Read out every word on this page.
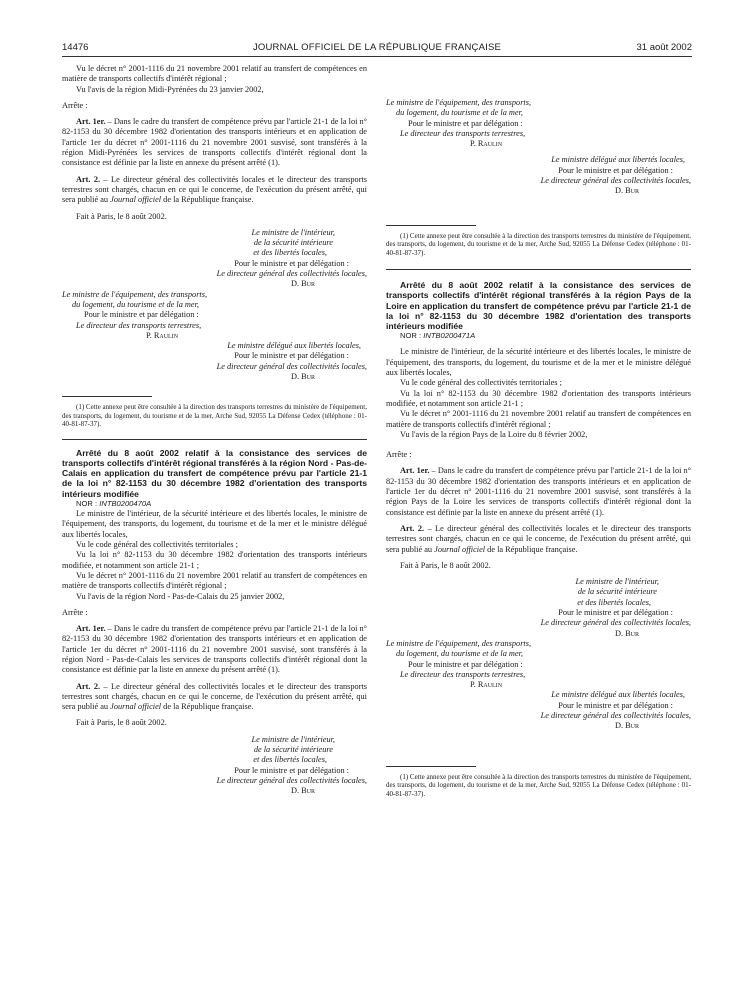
14476	JOURNAL OFFICIEL DE LA RÉPUBLIQUE FRANÇAISE	31 août 2002

Vu le décret n° 2001-1116 du 21 novembre 2001 relatif au transfert de compétences en matière de transports collectifs d'intérêt régional ;

Vu l'avis de la région Midi-Pyrénées du 23 janvier 2002,

Arrête :

Art. 1er. – Dans le cadre du transfert de compétence prévu par l'article 21-1 de la loi n° 82-1153 du 30 décembre 1982 d'orientation des transports intérieurs et en application de l'article 1er du décret n° 2001-1116 du 21 novembre 2001 susvisé, sont transférés à la région Midi-Pyrénées les services de transports collectifs d'intérêt régional dont la consistance est définie par la liste en annexe du présent arrêté (1).

Art. 2. – Le directeur général des collectivités locales et le directeur des transports terrestres sont chargés, chacun en ce qui le concerne, de l'exécution du présent arrêté, qui sera publié au Journal officiel de la République française.

Fait à Paris, le 8 août 2002.

Le ministre de l'intérieur,
de la sécurité intérieure
et des libertés locales,
Pour le ministre et par délégation :
Le directeur général des collectivités locales,
D. Bur
Le ministre de l'équipement, des transports,
du logement, du tourisme et de la mer,
Pour le ministre et par délégation :
Le directeur des transports terrestres,
P. Raulin
Le ministre délégué aux libertés locales,
Pour le ministre et par délégation :
Le directeur général des collectivités locales,
D. Bur

(1) Cette annexe peut être consultée à la direction des transports terrestres du ministère de l'équipement, des transports, du logement, du tourisme et de la mer, Arche Sud, 92055 La Défense Cedex (téléphone : 01-40-81-87-37).

Arrêté du 8 août 2002 relatif à la consistance des services de transports collectifs d'intérêt régional transférés à la région Nord - Pas-de-Calais en application du transfert de compétence prévu par l'article 21-1 de la loi n° 82-1153 du 30 décembre 1982 d'orientation des transports intérieurs modifiée

NOR : INTB0200470A

Le ministre de l'intérieur, de la sécurité intérieure et des libertés locales, le ministre de l'équipement, des transports, du logement, du tourisme et de la mer et le ministre délégué aux libertés locales,

Vu le code général des collectivités territoriales ;

Vu la loi n° 82-1153 du 30 décembre 1982 d'orientation des transports intérieurs modifiée, et notamment son article 21-1 ;

Vu le décret n° 2001-1116 du 21 novembre 2001 relatif au transfert de compétences en matière de transports collectifs d'intérêt régional ;

Vu l'avis de la région Nord - Pas-de-Calais du 25 janvier 2002,

Arrête :

Art. 1er. – Dans le cadre du transfert de compétence prévu par l'article 21-1 de la loi n° 82-1153 du 30 décembre 1982 d'orientation des transports intérieurs et en application de l'article 1er du décret n° 2001-1116 du 21 novembre 2001 susvisé, sont transférés à la région Nord - Pas-de-Calais les services de transports collectifs d'intérêt régional dont la consistance est définie par la liste en annexe du présent arrêté (1).

Art. 2. – Le directeur général des collectivités locales et le directeur des transports terrestres sont chargés, chacun en ce qui le concerne, de l'exécution du présent arrêté, qui sera publié au Journal officiel de la République française.

Fait à Paris, le 8 août 2002.

Le ministre de l'intérieur,
de la sécurité intérieure
et des libertés locales,
Pour le ministre et par délégation :
Le directeur général des collectivités locales,
D. Bur
Le ministre de l'équipement, des transports,
du logement, du tourisme et de la mer,
Pour le ministre et par délégation :
Le directeur des transports terrestres,
P. Raulin
Le ministre délégué aux libertés locales,
Pour le ministre et par délégation :
Le directeur général des collectivités locales,
D. Bur

(1) Cette annexe peut être consultée à la direction des transports terrestres du ministère de l'équipement, des transports, du logement, du tourisme et de la mer, Arche Sud, 92055 La Défense Cedex (téléphone : 01-40-81-87-37).

Arrêté du 8 août 2002 relatif à la consistance des services de transports collectifs d'intérêt régional transférés à la région Pays de la Loire en application du transfert de compétence prévu par l'article 21-1 de la loi n° 82-1153 du 30 décembre 1982 d'orientation des transports intérieurs modifiée

NOR : INTB0200471A

Le ministre de l'intérieur, de la sécurité intérieure et des libertés locales, le ministre de l'équipement, des transports, du logement, du tourisme et de la mer et le ministre délégué aux libertés locales,

Vu le code général des collectivités territoriales ;

Vu la loi n° 82-1153 du 30 décembre 1982 d'orientation des transports intérieurs modifiée, et notamment son article 21-1 ;

Vu le décret n° 2001-1116 du 21 novembre 2001 relatif au transfert de compétences en matière de transports collectifs d'intérêt régional ;

Vu l'avis de la région Pays de la Loire du 8 février 2002,

Arrête :

Art. 1er. – Dans le cadre du transfert de compétence prévu par l'article 21-1 de la loi n° 82-1153 du 30 décembre 1982 d'orientation des transports intérieurs et en application de l'article 1er du décret n° 2001-1116 du 21 novembre 2001 susvisé, sont transférés à la région Pays de la Loire les services de transports collectifs d'intérêt régional dont la consistance est définie par la liste en annexe du présent arrêté (1).

Art. 2. – Le directeur général des collectivités locales et le directeur des transports terrestres sont chargés, chacun en ce qui le concerne, de l'exécution du présent arrêté, qui sera publié au Journal officiel de la République française.

Fait à Paris, le 8 août 2002.

Le ministre de l'intérieur,
de la sécurité intérieure
et des libertés locales,
Pour le ministre et par délégation :
Le directeur général des collectivités locales,
D. Bur
Le ministre de l'équipement, des transports,
du logement, du tourisme et de la mer,
Pour le ministre et par délégation :
Le directeur des transports terrestres,
P. Raulin
Le ministre délégué aux libertés locales,
Pour le ministre et par délégation :
Le directeur général des collectivités locales,
D. Bur

(1) Cette annexe peut être consultée à la direction des transports terrestres du ministère de l'équipement, des transports, du logement, du tourisme et de la mer, Arche Sud, 92055 La Défense Cedex (téléphone : 01-40-81-87-37).
